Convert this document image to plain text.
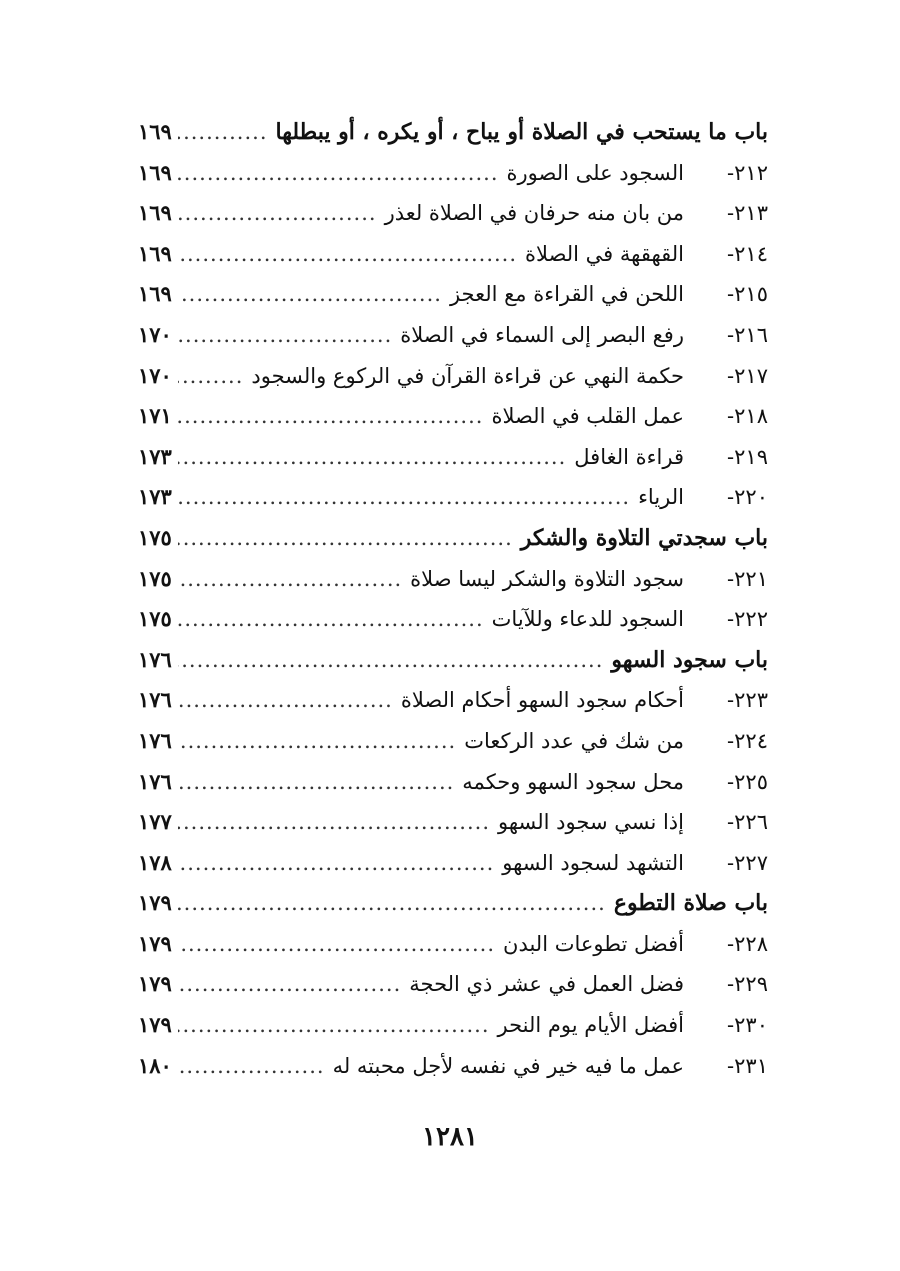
باب ما يستحب في الصلاة أو يباح ، أو يكره ، أو يبطلها
.....
١٦٩
٢١٢-
السجود على الصورة
.....
١٦٩
٢١٣-
من بان منه حرفان في الصلاة لعذر
.....
١٦٩
٢١٤-
القهقهة في الصلاة
.....
١٦٩
٢١٥-
اللحن في القراءة مع العجز
.....
١٦٩
٢١٦-
رفع البصر إلى السماء في الصلاة
.....
١٧٠
٢١٧-
حكمة النهي عن قراءة القرآن في الركوع والسجود
.....
١٧٠
٢١٨-
عمل القلب في الصلاة
.....
١٧١
٢١٩-
قراءة الغافل
.....
١٧٣
٢٢٠-
الرياء
.....
١٧٣
باب سجدتي التلاوة والشكر
.....
١٧٥
٢٢١-
سجود التلاوة والشكر ليسا صلاة
.....
١٧٥
٢٢٢-
السجود للدعاء وللآيات
.....
١٧٥
باب سجود السهو
.....
١٧٦
٢٢٣-
أحكام سجود السهو أحكام الصلاة
.....
١٧٦
٢٢٤-
من شك في عدد الركعات
.....
١٧٦
٢٢٥-
محل سجود السهو وحكمه
.....
١٧٦
٢٢٦-
إذا نسي سجود السهو
.....
١٧٧
٢٢٧-
التشهد لسجود السهو
.....
١٧٨
باب صلاة التطوع
.....
١٧٩
٢٢٨-
أفضل تطوعات البدن
.....
١٧٩
٢٢٩-
فضل العمل في عشر ذي الحجة
.....
١٧٩
٢٣٠-
أفضل الأيام يوم النحر
.....
١٧٩
٢٣١-
عمل ما فيه خير في نفسه لأجل محبته له
.....
١٨٠
١٢٨١
